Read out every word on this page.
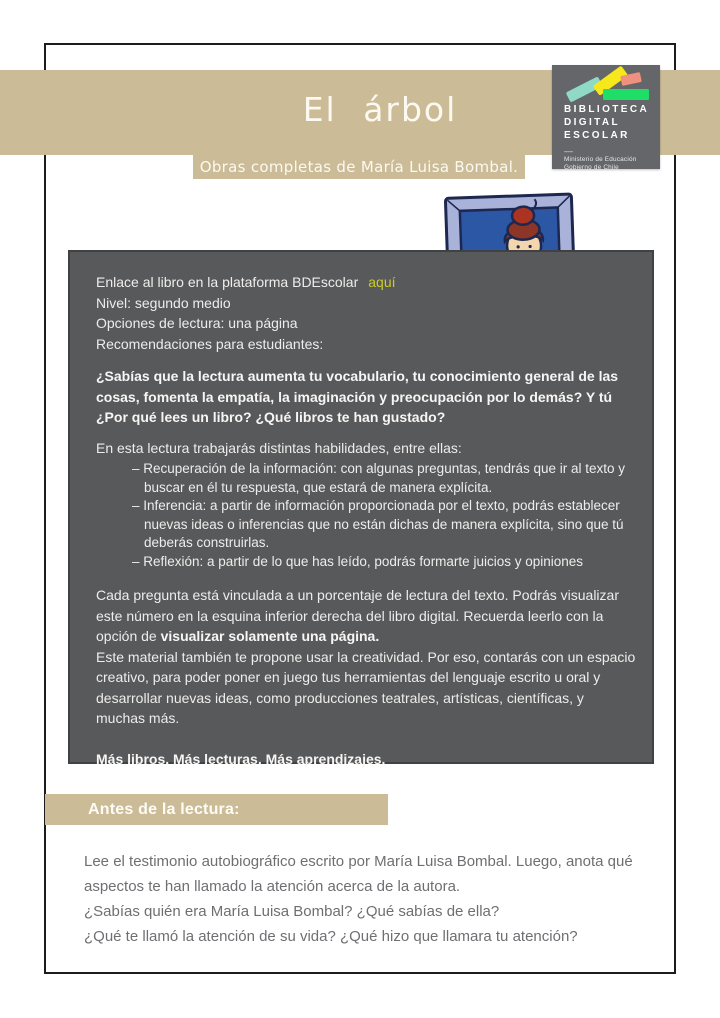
El árbol
Obras completas de María Luisa Bombal.
BIBLIOTECA
DIGITAL
ESCOLAR
—
Ministerio de Educación
Gobierno de Chile

Enlace al libro en la plataforma BDEscolar aquí

Nivel: segundo medio

Opciones de lectura: una página

Recomendaciones para estudiantes:

¿Sabías que la lectura aumenta tu vocabulario, tu conocimiento general de las cosas, fomenta la empatía, la imaginación y preocupación por lo demás? Y tú ¿Por qué lees un libro? ¿Qué libros te han gustado?

En esta lectura trabajarás distintas habilidades, entre ellas:

– Recuperación de la información: con algunas preguntas, tendrás que ir al texto y buscar en él tu respuesta, que estará de manera explícita.
– Inferencia: a partir de información proporcionada por el texto, podrás establecer nuevas ideas o inferencias que no están dichas de manera explícita, sino que tú deberás construirlas.
– Reflexión: a partir de lo que has leído, podrás formarte juicios y opiniones

Cada pregunta está vinculada a un porcentaje de lectura del texto. Podrás visualizar este número en la esquina inferior derecha del libro digital. Recuerda leerlo con la opción de visualizar solamente una página.

Este material también te propone usar la creatividad. Por eso, contarás con un espacio creativo, para poder poner en juego tus herramientas del lenguaje escrito u oral y desarrollar nuevas ideas, como producciones teatrales, artísticas, científicas, y muchas más.

Más libros. Más lecturas. Más aprendizajes.

Antes de la lectura:

Lee el testimonio autobiográfico escrito por María Luisa Bombal. Luego, anota qué aspectos te han llamado la atención acerca de la autora.

¿Sabías quién era María Luisa Bombal? ¿Qué sabías de ella?

¿Qué te llamó la atención de su vida? ¿Qué hizo que llamara tu atención?
